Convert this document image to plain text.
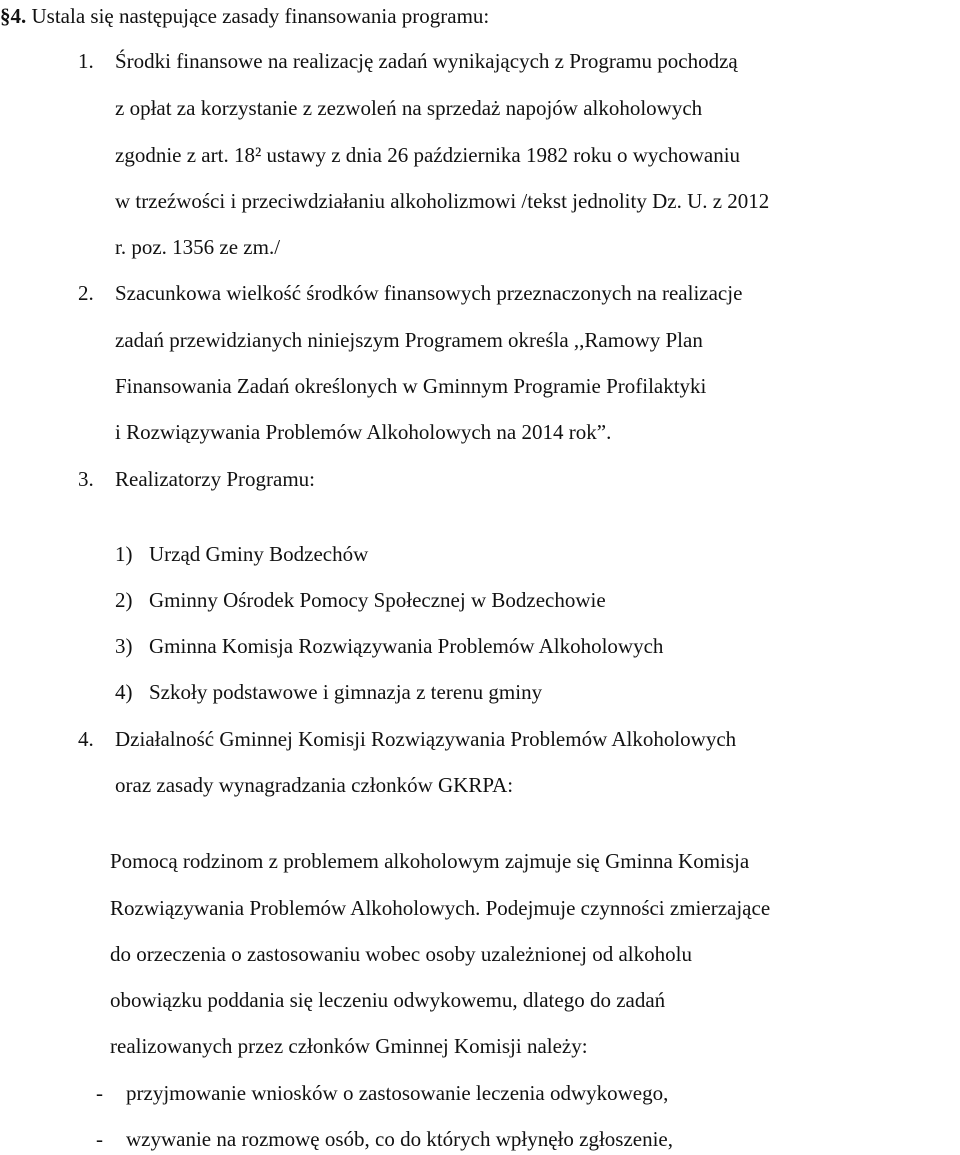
§4. Ustala się następujące zasady finansowania programu:
1. Środki finansowe na realizację zadań wynikających z Programu pochodzą
z opłat za korzystanie z zezwoleń na sprzedaż napojów alkoholowych
zgodnie z art. 18² ustawy z dnia 26 października 1982 roku o wychowaniu
w trzeźwości i przeciwdziałaniu alkoholizmowi /tekst jednolity Dz. U. z 2012
r. poz. 1356 ze zm./
2. Szacunkowa wielkość środków finansowych przeznaczonych na realizacje
zadań przewidzianych niniejszym Programem określa ,,Ramowy Plan
Finansowania Zadań określonych w Gminnym Programie Profilaktyki
i Rozwiązywania Problemów Alkoholowych na 2014 rok”.
3. Realizatorzy Programu:
1) Urząd Gminy Bodzechów
2) Gminny Ośrodek Pomocy Społecznej w Bodzechowie
3) Gminna Komisja Rozwiązywania Problemów Alkoholowych
4) Szkoły podstawowe i gimnazja z terenu gminy
4. Działalność Gminnej Komisji Rozwiązywania Problemów Alkoholowych
oraz zasady wynagradzania członków GKRPA:
Pomocą rodzinom z problemem alkoholowym zajmuje się Gminna Komisja
Rozwiązywania Problemów Alkoholowych. Podejmuje czynności zmierzające
do orzeczenia o zastosowaniu wobec osoby uzależnionej od alkoholu
obowiązku poddania się leczeniu odwykowemu, dlatego do zadań
realizowanych przez członków Gminnej Komisji należy:
- przyjmowanie wniosków o zastosowanie leczenia odwykowego,
- wzywanie na rozmowę osób, co do których wpłynęło zgłoszenie,
